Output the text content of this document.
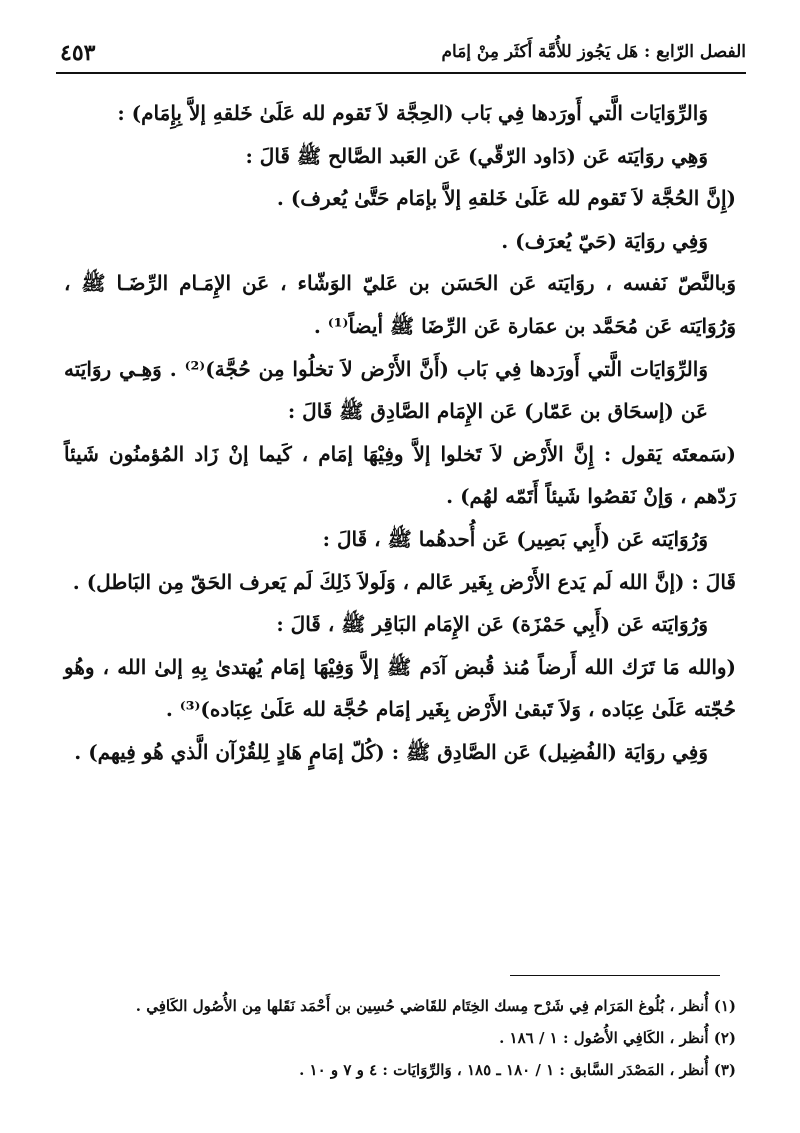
الفصل الرّابع : هَل يَجُوز للأُمَّة أَكثَر مِنْ إمَام
٤٥٣

وَالرِّوَايَات الَّتي أَورَدها فِي بَاب (الحِجَّة لاَ تَقوم لله عَلَىٰ خَلقهِ إلاَّ بِإِمَام) :

وَهِي روَايَته عَن (دَاود الرّقّي) عَن العَبد الصَّالح ﷺ قَالَ :

(إِنَّ الحُجَّة لاَ تَقوم لله عَلَىٰ خَلقهِ إلاَّ بإمَام حَتَّىٰ يُعرف) .

وَفِي روَايَة (حَيّ يُعرَف) .

وَبالنَّصّ نَفسه ، روَايَته عَن الحَسَن بن عَليّ الوَشّاء ، عَن الإِمَـام الرِّضَـا ﷺ ، وَرُوَايَته عَن مُحَمَّد بن عمَارة عَن الرِّضَا ﷺ أيضاً⁽¹⁾ .

وَالرِّوَايَات الَّتي أَورَدها فِي بَاب (أَنَّ الأَرْض لاَ تخلُوا مِن حُجَّة)⁽²⁾ . وَهِـي روَايَته عَن (إسحَاق بن عَمّار) عَن الإِمَام الصَّادِق ﷺ قَالَ :

(سَمعتَه يَقول : إِنَّ الأَرْض لاَ تَخلوا إلاَّ وفِيْهَا إمَام ، كَيما إنْ زَاد المُؤمنُون شَيئاً رَدّهم ، وَإنْ نَقصُوا شَيئاً أَتَمّه لهُم) .

وَرُوَايَته عَن (أَبِي بَصِير) عَن أُحدهُما ﷺ ، قَالَ :

قَالَ : (إنَّ الله لَم يَدع الأَرْض بِغَير عَالم ، وَلَولاَ ذَلِكَ لَم يَعرف الحَقّ مِن البَاطل) .

وَرُوَايَته عَن (أَبِي حَمْزَة) عَن الإِمَام البَاقِر ﷺ ، قَالَ :

(والله مَا تَرَك الله أَرضاً مُنذ قُبض آدَم ﷺ إلاَّ وَفِيْهَا إمَام يُهتدىٰ بِهِ إلىٰ الله ، وهُو حُجّته عَلَىٰ عِبَاده ، وَلاَ تَبقىٰ الأَرْض بِغَير إمَام حُجَّة لله عَلَىٰ عِبَاده)⁽³⁾ .

وَفِي روَايَة (الفُضِيل) عَن الصَّادِق ﷺ : (كُلّ إمَامٍ هَادٍ لِلقُرْآن الَّذي هُو فِيهم) .

(١) أُنظر ، بُلُوغ المَرَام فِي شَرْح مِسك الخِتَام للقَاضي حُسِين بن أَحْمَد نَقَلها مِن الأُصُول الكَافِي .

(٢) أُنظر ، الكَافِي الأُصُول : ١ / ١٨٦ .

(٣) أُنظر ، المَصْدَر السَّابق : ١ / ١٨٠ ـ ١٨٥ ، وَالرِّوَايَات : ٤ و ٧ و ١٠ .
